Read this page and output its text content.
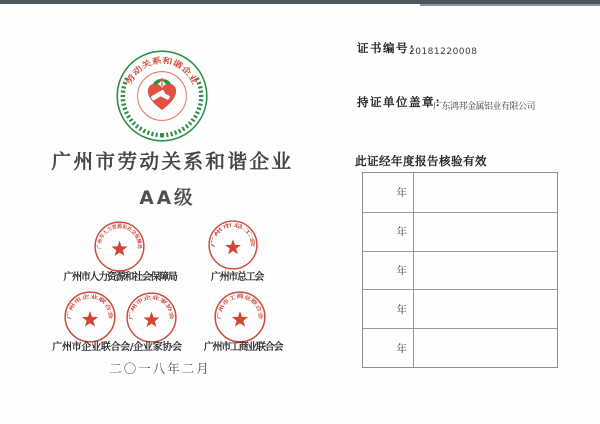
劳动关系和谐企业
广州市劳动关系和谐企业
AA级
广州市人力资源和社会保障局	广州市总工会
广州市人力资源和社会保障局	广州市总工会
广州市企业联合会
广州市企业家协会	广州市工商业联合会
广州市企业联合会/企业家协会	广州市工商业联合会
二〇一八年二月
证书编号：
20181220008
持证单位盖章：
广东鸿邦金属铝业有限公司
此证经年度报告核验有效
年
年
年
年
年
